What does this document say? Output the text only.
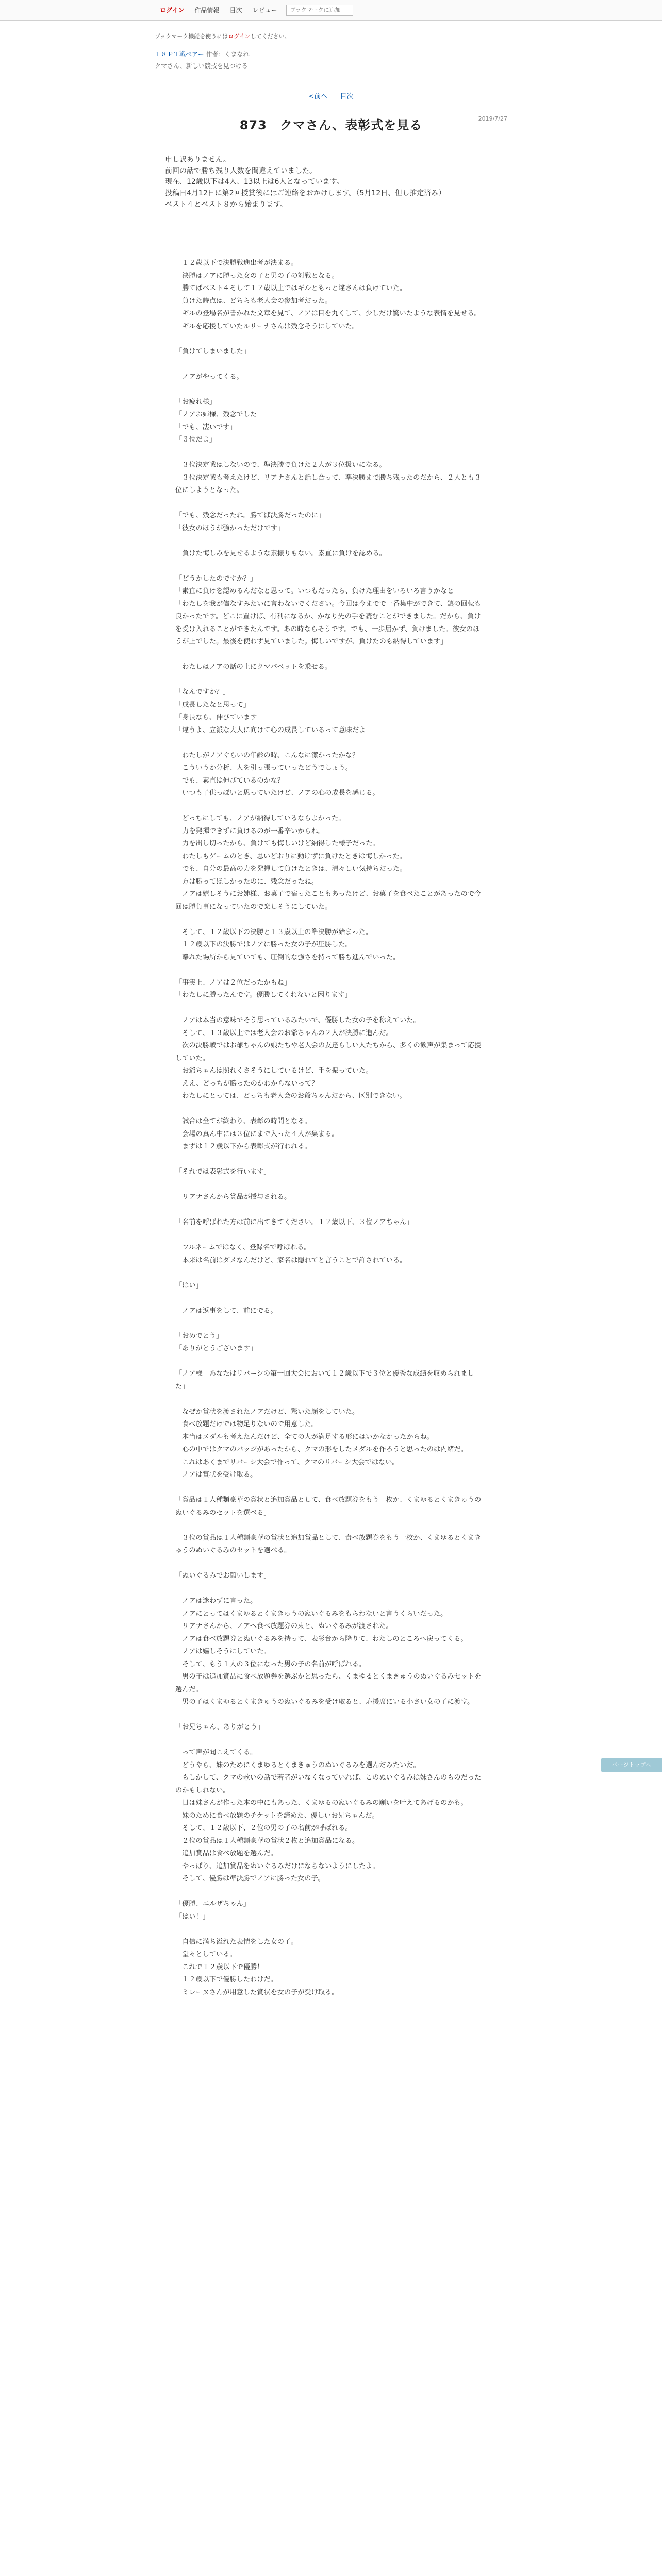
ログイン	作品情報	目次	レビュー	ブックマークに追加
ブックマーク機能を使うにはログインしてください。
１８ＰＴ戦ペアー 作者：くまなれ
クマさん、新しい競技を見つける
<前へ 目次
2019/7/27
873　クマさん、表彰式を見る
申し訳ありません。
前回の話で勝ち残り人数を間違えていました。
現在、12歳以下は4人、13以上は6人となっています。
投稿日4月12日に第2回授賞後にはご連絡をおかけします。（5月12日、但し推定済み）
ベスト４とベスト８から始まります。
　１２歳以下で決勝戦進出者が決まる。
　決勝はノアに勝った女の子と男の子の対戦となる。
　勝てばベスト４そして１２歳以上ではギルともっと違さんは負けていた。
　負けた時点は、どちらも老人会の参加者だった。
　ギルの登場名が書かれた文章を見て、ノアは目を丸くして、少しだけ驚いたような表情を見せる。
　ギルを応援していたルリーナさんは残念そうにしていた。

「負けてしまいました」

　ノアがやってくる。

「お疲れ様」
「ノアお姉様、残念でした」
「でも、凄いです」
「３位だよ」

　３位決定戦はしないので、準決勝で負けた２人が３位扱いになる。
　３位決定戦も考えたけど、リアナさんと話し合って、準決勝まで勝ち残ったのだから、２人とも３位にしようとなった。

「でも、残念だったね。勝てば決勝だったのに」
「彼女のほうが強かっただけです」

　負けた悔しみを見せるような素振りもない。素直に負けを認める。

「どうかしたのですか？」
「素直に負けを認めるんだなと思って。いつもだったら、負けた理由をいろいろ言うかなと」
「わたしを我が儘なすみたいに言わないでください。今回は今までで一番集中ができて、鎮の回転も良かったです。どこに置けば、有利になるか、かなり先の手を読むことができました。だから、負けを受け入れることができたんです。あの時ならそうです。でも、一歩届かず、負けました。彼女のほうが上でした。最後を使わず見ていました。悔しいですが、負けたのも納得しています」

　わたしはノアの話の上にクマパペットを乗せる。

「なんですか？」
「成長したなと思って」
「身長なら、伸びています」
「違うよ、立派な大人に向けて心の成長しているって意味だよ」

　わたしがノアぐらいの年齢の時、こんなに潔かったかな？
　こういうか分析、人を引っ張っていったどうでしょう。
　でも、素直は伸びているのかな？
　いつも子供っぽいと思っていたけど、ノアの心の成長を感じる。

　どっちにしても、ノアが納得しているならよかった。
　力を発揮できずに負けるのが一番辛いからね。
　力を出し切ったから、負けても悔しいけど納得した様子だった。
　わたしもゲームのとき、思いどおりに動けずに負けたときは悔しかった。
　でも、自分の最高の力を発揮して負けたときは、清々しい気持ちだった。
　方は勝ってほしかったのに、残念だったね。
　ノアは嬉しそうにお姉様、お菓子で宿ったこともあったけど、お菓子を食べたことがあったので今回は勝負事になっていたので楽しそうにしていた。

　そして、１２歳以下の決勝と１３歳以上の準決勝が始まった。
　１２歳以下の決勝ではノアに勝った女の子が圧勝した。
　離れた場所から見ていても、圧倒的な強さを持って勝ち進んでいった。

「事実上、ノアは２位だったかもね」
「わたしに勝ったんです。優勝してくれないと困ります」

　ノアは本当の意味でそう思っているみたいで、優勝した女の子を称えていた。
　そして、１３歳以上では老人会のお爺ちゃんの２人が決勝に進んだ。
　次の決勝戦ではお爺ちゃんの娘たちや老人会の友達らしい人たちから、多くの歓声が集まって応援していた。
　お爺ちゃんは照れくさそうにしているけど、手を振っていた。
　ええ、どっちが勝ったのかわからないって？
　わたしにとっては、どっちも老人会のお爺ちゃんだから、区別できない。

　試合は全てが終わり、表彰の時間となる。
　会場の真ん中には３位にまで入った４人が集まる。
　まずは１２歳以下から表彰式が行われる。

「それでは表彰式を行います」

　リアナさんから賞品が授与される。

「名前を呼ばれた方は前に出てきてください。１２歳以下、３位ノアちゃん」

　フルネームではなく、登録名で呼ばれる。
　本来は名前はダメなんだけど、家名は隠れてと言うことで許されている。

「はい」

　ノアは返事をして、前にでる。

「おめでとう」
「ありがとうございます」

「ノア様　あなたはリバーシの第一回大会において１２歳以下で３位と優秀な成績を収められました」

　なぜか賞状を渡されたノアだけど、驚いた顔をしていた。
　食べ放題だけでは物足りないので用意した。
　本当はメダルも考えたんだけど、全ての人が満足する形にはいかなかったからね。
　心の中ではクマのバッジがあったから、クマの形をしたメダルを作ろうと思ったのは内緒だ。
　これはあくまでリバーシ大会で作って、クマのリバーシ大会ではない。
　ノアは賞状を受け取る。

「賞品は１人種類豪華の賞状と追加賞品として、食べ放題券をもう一枚か、くまゆるとくまきゅうのぬいぐるみのセットを選べる」

　３位の賞品は１人種類豪華の賞状と追加賞品として、食べ放題券をもう一枚か、くまゆるとくまきゅうのぬいぐるみのセットを選べる。

「ぬいぐるみでお願いします」

　ノアは迷わずに言った。
　ノアにとってはくまゆるとくまきゅうのぬいぐるみをもらわないと言うくらいだった。
　リアナさんから、ノアへ食べ放題券の束と、ぬいぐるみが渡された。
　ノアは食べ放題券とぬいぐるみを持って、表彰台から降りて、わたしのところへ戻ってくる。
　ノアは嬉しそうにしていた。
　そして、もう１人の３位になった男の子の名前が呼ばれる。
　男の子は追加賞品に食べ放題券を選ぶかと思ったら、くまゆるとくまきゅうのぬいぐるみセットを選んだ。
　男の子はくまゆるとくまきゅうのぬいぐるみを受け取ると、応援席にいる小さい女の子に渡す。

「お兄ちゃん、ありがとう」

　って声が聞こえてくる。
　どうやら、妹のためにくまゆるとくまきゅうのぬいぐるみを選んだみたいだ。
　もしかして、クマの歌いの話で若者がいなくなっていれば、このぬいぐるみは妹さんのものだったのかもしれない。
　日は妹さんが作った本の中にもあった、くまゆるのぬいぐるみの願いを叶えてあげるのかも。
　妹のために食べ放題のチケットを諦めた、優しいお兄ちゃんだ。
　そして、１２歳以下、２位の男の子の名前が呼ばれる。
　２位の賞品は１人種類豪華の賞状２枚と追加賞品になる。
　追加賞品は食べ放題を選んだ。
　やっぱり、追加賞品をぬいぐるみだけにならないようにしたよ。
　そして、優勝は準決勝でノアに勝った女の子。

「優勝、エルザちゃん」
「はい！」

　自信に満ち溢れた表情をした女の子。
　堂々としている。
　これで１２歳以下で優勝！
　１２歳以下で優勝したわけだ。
　ミレーヌさんが用意した賞状を女の子が受け取る。
ページトップへ
